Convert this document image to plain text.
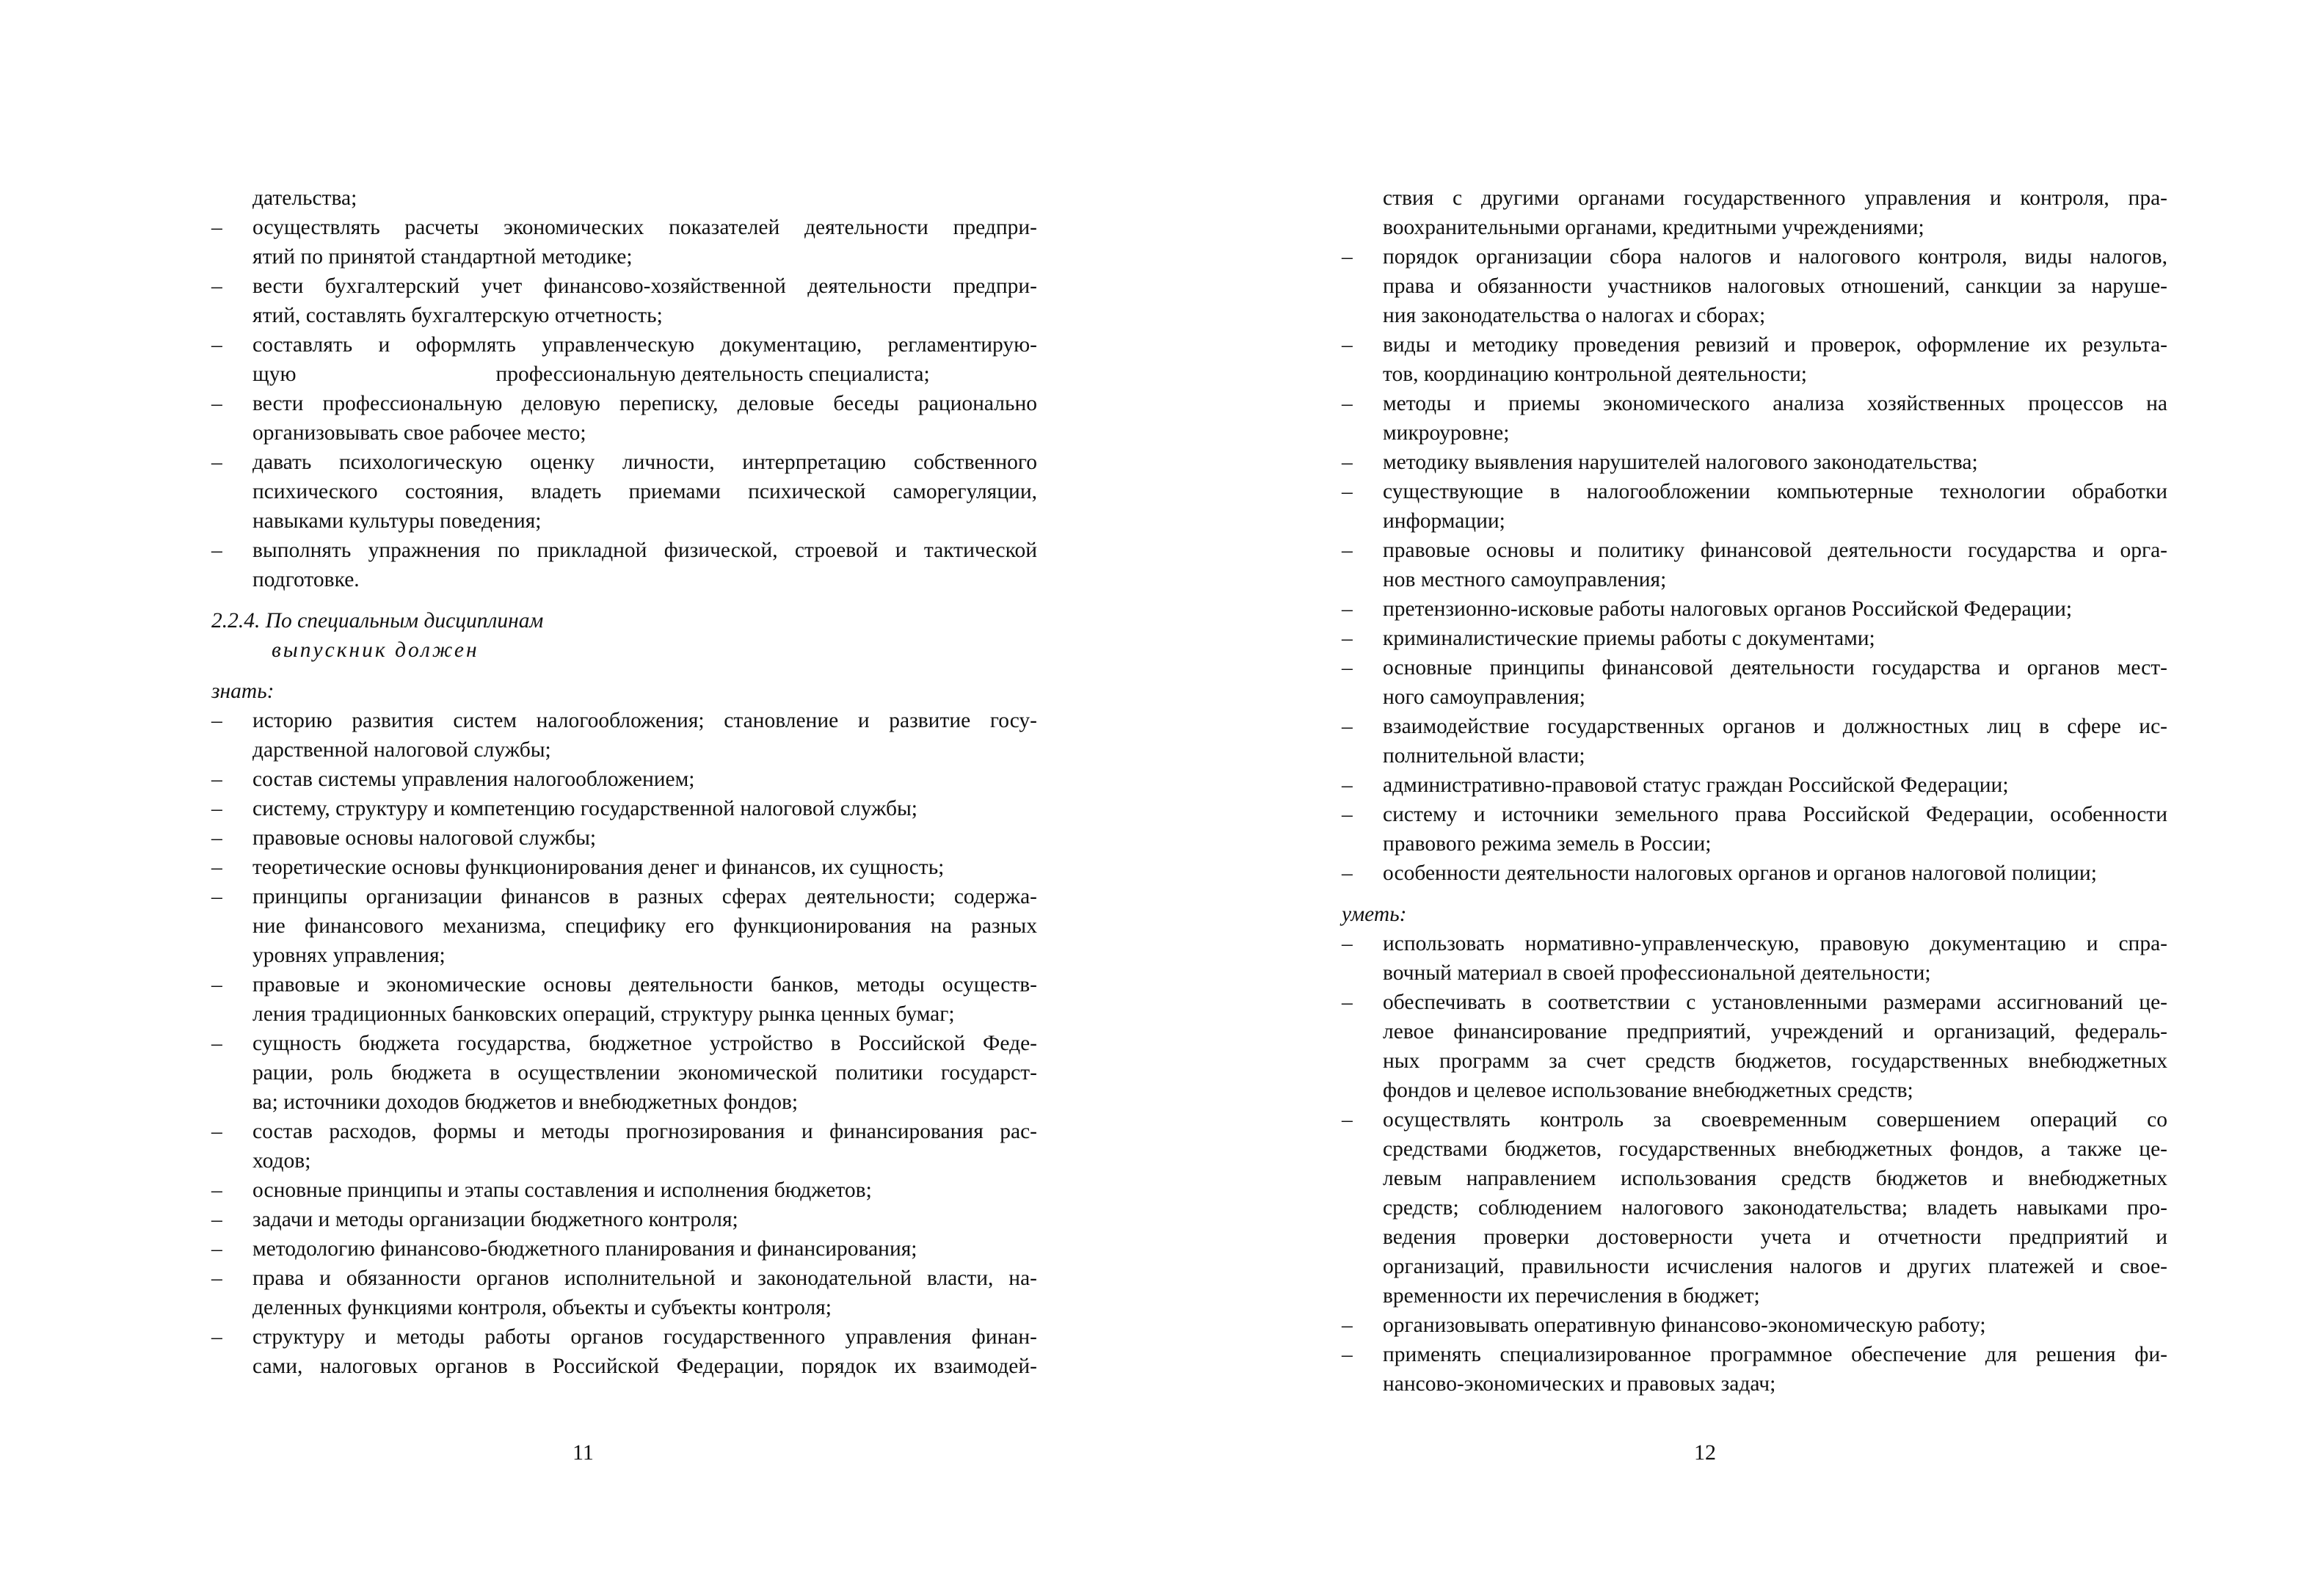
дательства;
– осуществлять расчеты экономических показателей деятельности предпри-
ятий по принятой стандартной методике;
– вести бухгалтерский учет финансово-хозяйственной деятельности предпри-
ятий, составлять бухгалтерскую отчетность;
– составлять и оформлять управленческую документацию, регламентирую-
щую	профессиональную деятельность специалиста;
– вести профессиональную деловую переписку, деловые беседы рационально
организовывать свое рабочее место;
– давать психологическую оценку личности, интерпретацию собственного
психического состояния, владеть приемами психической саморегуляции,
навыками культуры поведения;
– выполнять упражнения по прикладной физической, строевой и тактической
подготовке.
2.2.4. По специальным дисциплинам
выпускник должен
знать:
– историю развития систем налогообложения; становление и развитие госу-
дарственной налоговой службы;
– состав системы управления налогообложением;
– систему, структуру и компетенцию государственной налоговой службы;
– правовые основы налоговой службы;
– теоретические основы функционирования денег и финансов, их сущность;
– принципы организации финансов в разных сферах деятельности; содержа-
ние финансового механизма, специфику его функционирования на разных
уровнях управления;
– правовые и экономические основы деятельности банков, методы осуществ-
ления традиционных банковских операций, структуру рынка ценных бумаг;
– сущность бюджета государства, бюджетное устройство в Российской Феде-
рации, роль бюджета в осуществлении экономической политики государст-
ва; источники доходов бюджетов и внебюджетных фондов;
– состав расходов, формы и методы прогнозирования и финансирования рас-
ходов;
– основные принципы и этапы составления и исполнения бюджетов;
– задачи и методы организации бюджетного контроля;
– методологию финансово-бюджетного планирования и финансирования;
– права и обязанности органов исполнительной и законодательной власти, на-
деленных функциями контроля, объекты и субъекты контроля;
– структуру и методы работы органов государственного управления финан-
сами, налоговых органов в Российской Федерации, порядок их взаимодей-
ствия с другими органами государственного управления и контроля, пра-
воохранительными органами, кредитными учреждениями;
– порядок организации сбора налогов и налогового контроля, виды налогов,
права и обязанности участников налоговых отношений, санкции за наруше-
ния законодательства о налогах и сборах;
– виды и методику проведения ревизий и проверок, оформление их результа-
тов, координацию контрольной деятельности;
– методы и приемы экономического анализа хозяйственных процессов на
микроуровне;
– методику выявления нарушителей налогового законодательства;
– существующие в налогообложении компьютерные технологии обработки
информации;
– правовые основы и политику финансовой деятельности государства и орга-
нов местного самоуправления;
– претензионно-исковые работы налоговых органов Российской Федерации;
– криминалистические приемы работы с документами;
– основные принципы финансовой деятельности государства и органов мест-
ного самоуправления;
– взаимодействие государственных органов и должностных лиц в сфере ис-
полнительной власти;
– административно-правовой статус граждан Российской Федерации;
– систему и источники земельного права Российской Федерации, особенности
правового режима земель в России;
– особенности деятельности налоговых органов и органов налоговой полиции;
уметь:
– использовать нормативно-управленческую, правовую документацию и спра-
вочный материал в своей профессиональной деятельности;
– обеспечивать в соответствии с установленными размерами ассигнований це-
левое финансирование предприятий, учреждений и организаций, федераль-
ных программ за счет средств бюджетов, государственных внебюджетных
фондов и целевое использование внебюджетных средств;
– осуществлять контроль за своевременным совершением операций со
средствами бюджетов, государственных внебюджетных фондов, а также це-
левым направлением использования средств бюджетов и внебюджетных
средств; соблюдением налогового законодательства; владеть навыками про-
ведения проверки достоверности учета и отчетности предприятий и
организаций, правильности исчисления налогов и других платежей и свое-
временности их перечисления в бюджет;
– организовывать оперативную финансово-экономическую работу;
– применять специализированное программное обеспечение для решения фи-
нансово-экономических и правовых задач;
11	12
